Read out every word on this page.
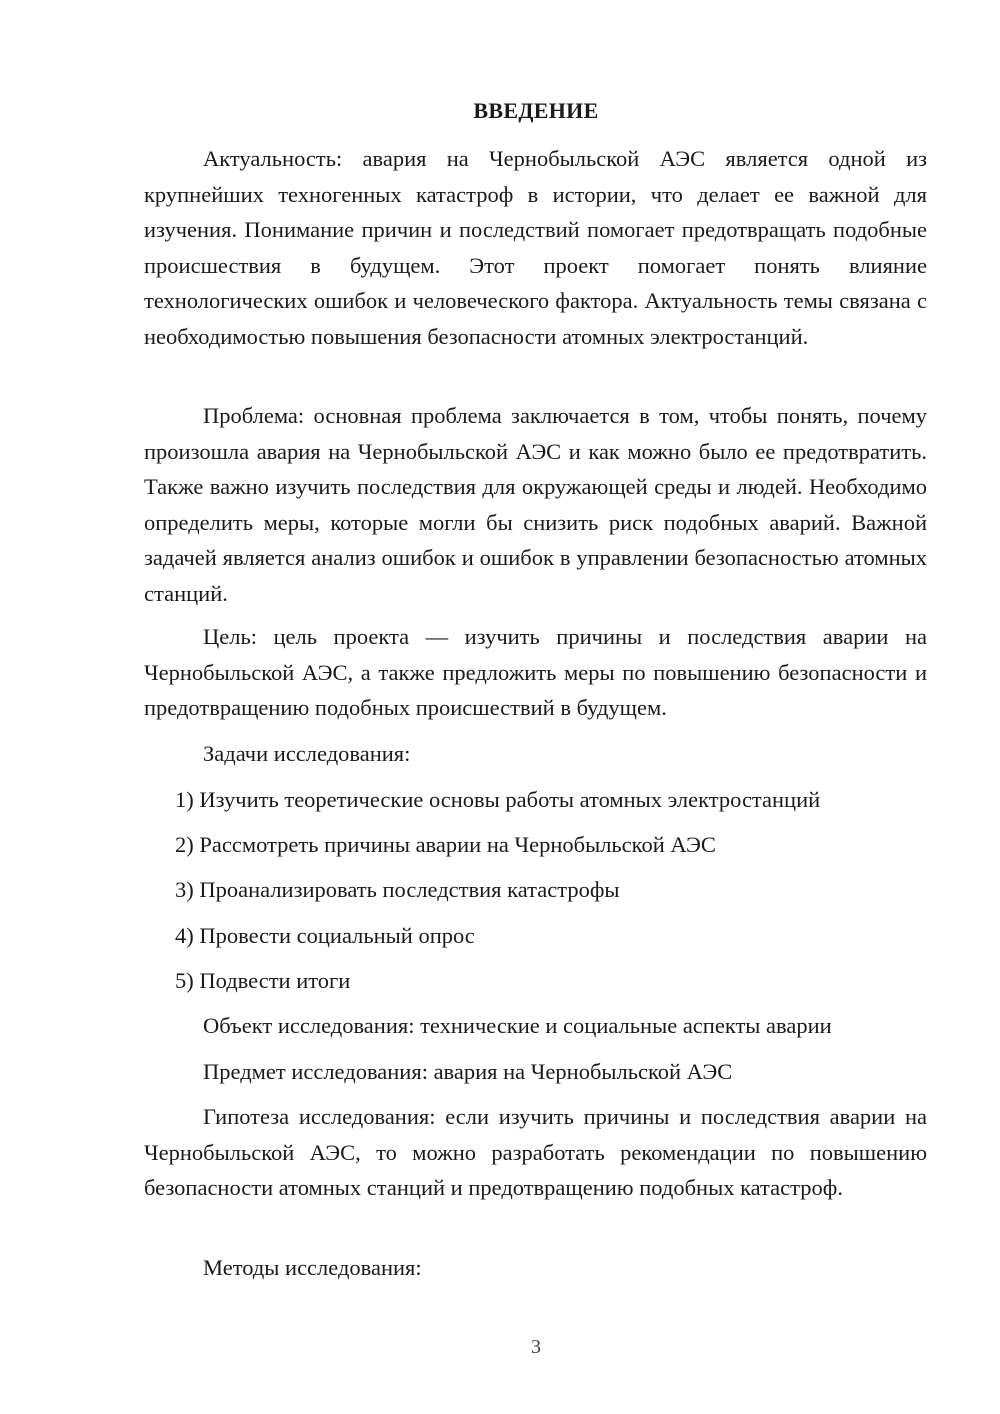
ВВЕДЕНИЕ

Актуальность: авария на Чернобыльской АЭС является одной из крупнейших техногенных катастроф в истории, что делает ее важной для изучения. Понимание причин и последствий помогает предотвращать подобные происшествия в будущем. Этот проект помогает понять влияние технологических ошибок и человеческого фактора. Актуальность темы связана с необходимостью повышения безопасности атомных электростанций.

Проблема: основная проблема заключается в том, чтобы понять, почему произошла авария на Чернобыльской АЭС и как можно было ее предотвратить. Также важно изучить последствия для окружающей среды и людей. Необходимо определить меры, которые могли бы снизить риск подобных аварий. Важной задачей является анализ ошибок и ошибок в управлении безопасностью атомных станций.

Цель: цель проекта — изучить причины и последствия аварии на Чернобыльской АЭС, а также предложить меры по повышению безопасности и предотвращению подобных происшествий в будущем.

Задачи исследования:

1) Изучить теоретические основы работы атомных электростанций

2) Рассмотреть причины аварии на Чернобыльской АЭС

3) Проанализировать последствия катастрофы

4) Провести социальный опрос

5) Подвести итоги

Объект исследования: технические и социальные аспекты аварии

Предмет исследования: авария на Чернобыльской АЭС

Гипотеза исследования: если изучить причины и последствия аварии на Чернобыльской АЭС, то можно разработать рекомендации по повышению безопасности атомных станций и предотвращению подобных катастроф.

Методы исследования:

3
